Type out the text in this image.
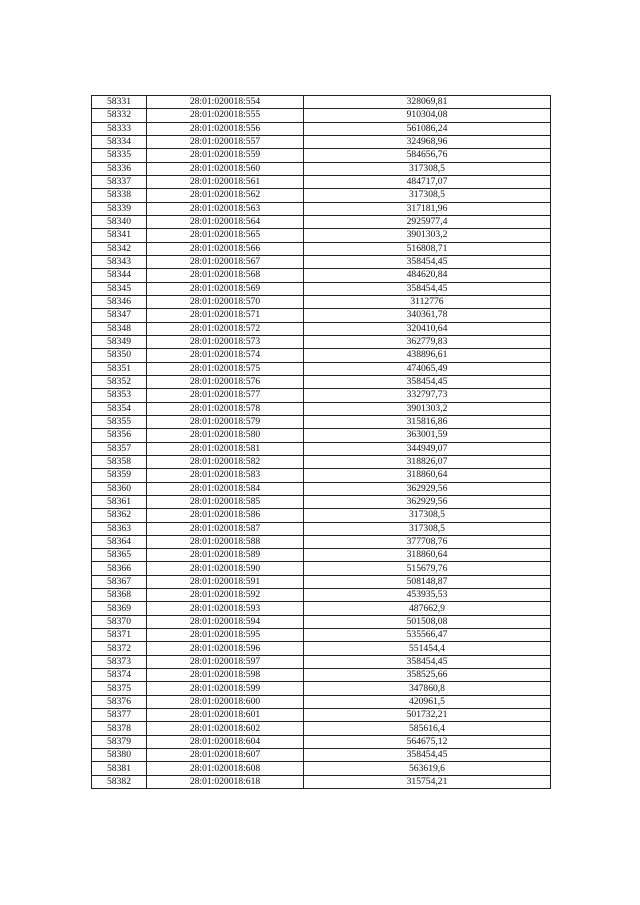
58331	28:01:020018:554	328069,81
58332	28:01:020018:555	910304,08
58333	28:01:020018:556	561086,24
58334	28:01:020018:557	324968,96
58335	28:01:020018:559	584656,76
58336	28:01:020018:560	317308,5
58337	28:01:020018:561	484717,07
58338	28:01:020018:562	317308,5
58339	28:01:020018:563	317181,96
58340	28:01:020018:564	2925977,4
58341	28:01:020018:565	3901303,2
58342	28:01:020018:566	516808,71
58343	28:01:020018:567	358454,45
58344	28:01:020018:568	484620,84
58345	28:01:020018:569	358454,45
58346	28:01:020018:570	3112776
58347	28:01:020018:571	340361,78
58348	28:01:020018:572	320410,64
58349	28:01:020018:573	362779,83
58350	28:01:020018:574	438896,61
58351	28:01:020018:575	474065,49
58352	28:01:020018:576	358454,45
58353	28:01:020018:577	332797,73
58354	28:01:020018:578	3901303,2
58355	28:01:020018:579	315816,86
58356	28:01:020018:580	363001,59
58357	28:01:020018:581	344949,07
58358	28:01:020018:582	318826,07
58359	28:01:020018:583	318860,64
58360	28:01:020018:584	362929,56
58361	28:01:020018:585	362929,56
58362	28:01:020018:586	317308,5
58363	28:01:020018:587	317308,5
58364	28:01:020018:588	377708,76
58365	28:01:020018:589	318860,64
58366	28:01:020018:590	515679,76
58367	28:01:020018:591	508148,87
58368	28:01:020018:592	453935,53
58369	28:01:020018:593	487662,9
58370	28:01:020018:594	501508,08
58371	28:01:020018:595	535566,47
58372	28:01:020018:596	551454,4
58373	28:01:020018:597	358454,45
58374	28:01:020018:598	358525,66
58375	28:01:020018:599	347860,8
58376	28:01:020018:600	420961,5
58377	28:01:020018:601	501732,21
58378	28:01:020018:602	585616,4
58379	28:01:020018:604	564675,12
58380	28:01:020018:607	358454,45
58381	28:01:020018:608	563619,6
58382	28:01:020018:618	315754,21
